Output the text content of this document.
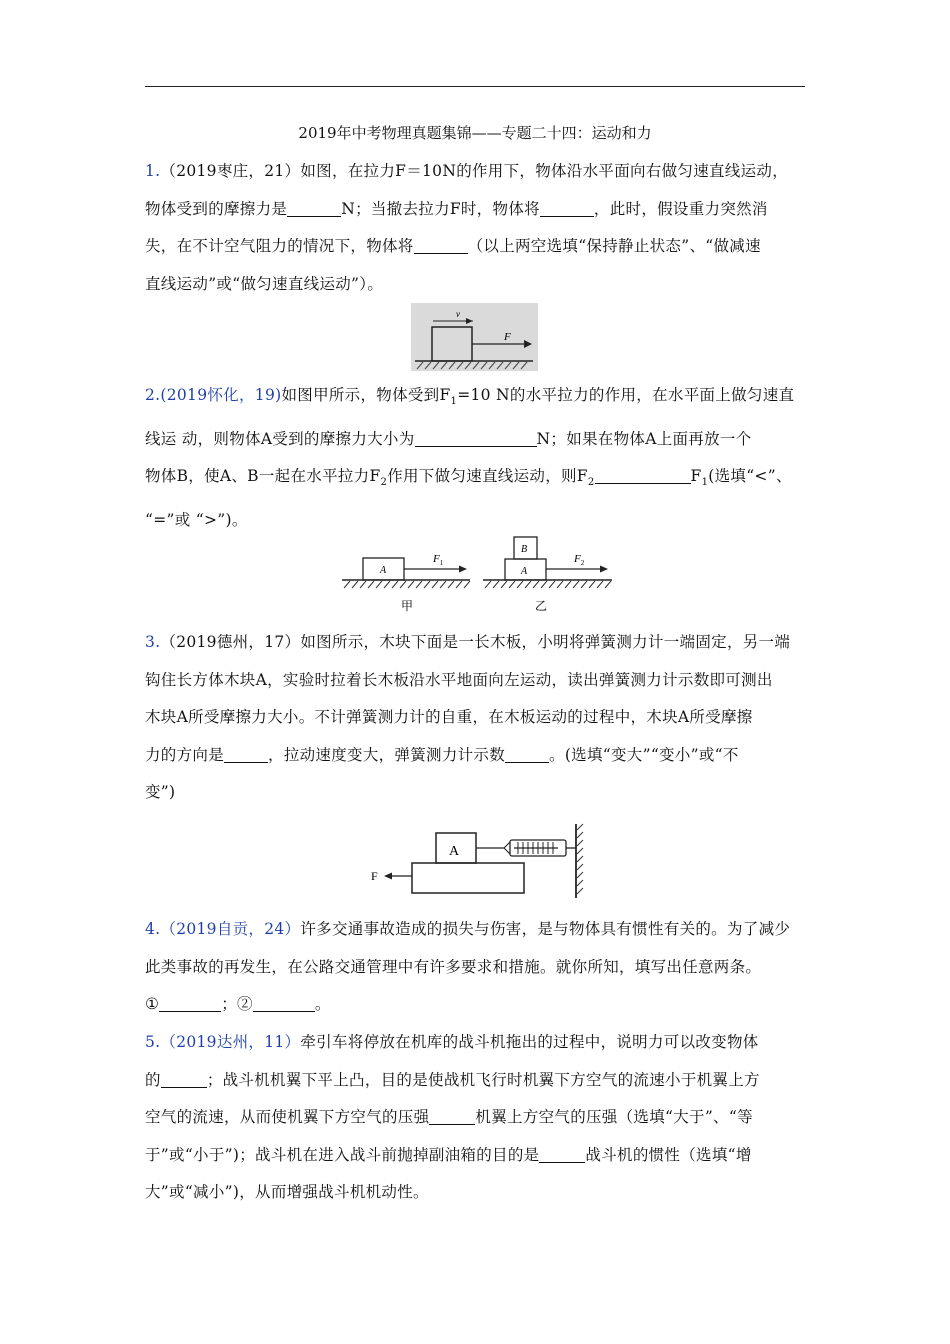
2019年中考物理真题集锦——专题二十四：运动和力
1.（2019枣庄，21）如图，在拉力F＝10N的作用下，物体沿水平面向右做匀速直线运动，
物体受到的摩擦力是	N；当撤去拉力F时，物体将	，此时，假设重力突然消
失，在不计空气阻力的情况下，物体将	（以上两空选填“保持静止状态”、“做减速
直线运动”或“做匀速直线运动”）。
v
F
2.(2019怀化，19)如图甲所示，物体受到$F_1=10$ N的水平拉力的作用，在水平面上做匀速直
线运 动，则物体A受到的摩擦力大小为	N；如果在物体A上面再放一个
物体B，使A、B一起在水平拉力$F_2$作用下做匀速直线运动，则$F_2$	$F_1$(选填“<”、
“=”或 “>”)。
A
$F_1$
甲
A
B
$F_2$
乙
3.（2019德州，17）如图所示，木块下面是一长木板，小明将弹簧测力计一端固定，另一端
钩住长方体木块A，实验时拉着长木板沿水平地面向左运动，读出弹簧测力计示数即可测出
木块A所受摩擦力大小。不计弹簧测力计的自重，在木板运动的过程中，木块A所受摩擦
力的方向是	，拉动速度变大，弹簧测力计示数	。(选填“变大”“变小”或“不
变”)
A
F
4.（2019自贡，24）许多交通事故造成的损失与伤害，是与物体具有惯性有关的。为了减少
此类事故的再发生，在公路交通管理中有许多要求和措施。就你所知，填写出任意两条。
①	；②	。
5.（2019达州，11）牵引车将停放在机库的战斗机拖出的过程中，说明力可以改变物体
的	；战斗机机翼下平上凸，目的是使战机飞行时机翼下方空气的流速小于机翼上方
空气的流速，从而使机翼下方空气的压强	机翼上方空气的压强（选填“大于”、“等
于”或“小于”)；战斗机在进入战斗前抛掉副油箱的目的是	战斗机的惯性（选填“增
大”或“减小”)，从而增强战斗机机动性。
